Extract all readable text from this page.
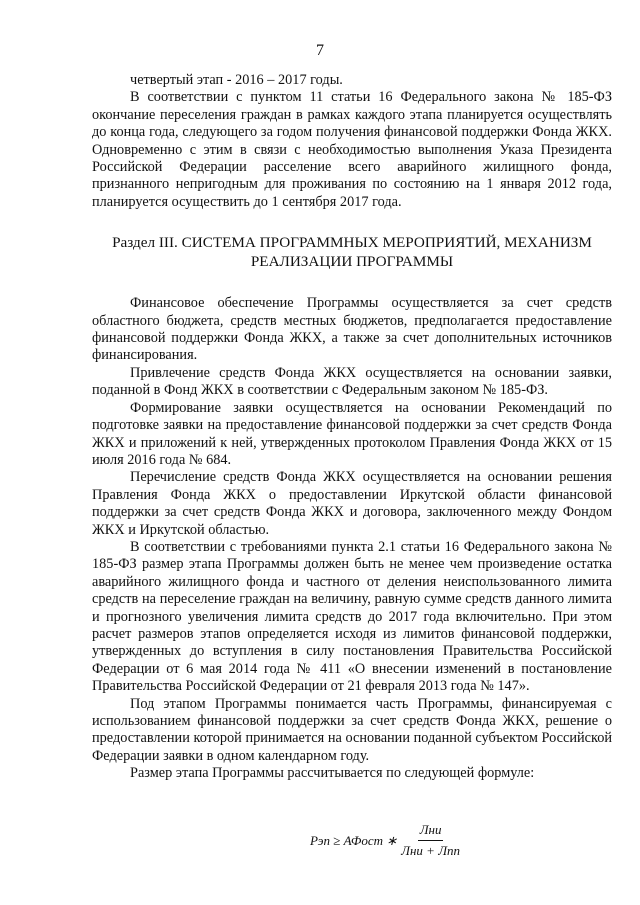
7

четвертый этап - 2016 – 2017 годы.

В соответствии с пунктом 11 статьи 16 Федерального закона № 185-ФЗ окончание переселения граждан в рамках каждого этапа планируется осуществлять до конца года, следующего за годом получения финансовой поддержки Фонда ЖКХ. Одновременно с этим в связи с необходимостью выполнения Указа Президента Российской Федерации расселение всего аварийного жилищного фонда, признанного непригодным для проживания по состоянию на 1 января 2012 года, планируется осуществить до 1 сентября 2017 года.

Раздел III. СИСТЕМА ПРОГРАММНЫХ МЕРОПРИЯТИЙ, МЕХАНИЗМ
РЕАЛИЗАЦИИ ПРОГРАММЫ

Финансовое обеспечение Программы осуществляется за счет средств областного бюджета, средств местных бюджетов, предполагается предоставление финансовой поддержки Фонда ЖКХ, а также за счет дополнительных источников финансирования.

Привлечение средств Фонда ЖКХ осуществляется на основании заявки, поданной в Фонд ЖКХ в соответствии с Федеральным законом № 185-ФЗ.

Формирование заявки осуществляется на основании Рекомендаций по подготовке заявки на предоставление финансовой поддержки за счет средств Фонда ЖКХ и приложений к ней, утвержденных протоколом Правления Фонда ЖКХ от 15 июля 2016 года № 684.

Перечисление средств Фонда ЖКХ осуществляется на основании решения Правления Фонда ЖКХ о предоставлении Иркутской области финансовой поддержки за счет средств Фонда ЖКХ и договора, заключенного между Фондом ЖКХ и Иркутской областью.

В соответствии с требованиями пункта 2.1 статьи 16 Федерального закона № 185-ФЗ размер этапа Программы должен быть не менее чем произведение остатка аварийного жилищного фонда и частного от деления неиспользованного лимита средств на переселение граждан на величину, равную сумме средств данного лимита и прогнозного увеличения лимита средств до 2017 года включительно. При этом расчет размеров этапов определяется исходя из лимитов финансовой поддержки, утвержденных до вступления в силу постановления Правительства Российской Федерации от 6 мая 2014 года № 411 «О внесении изменений в постановление Правительства Российской Федерации от 21 февраля 2013 года № 147».

Под этапом Программы понимается часть Программы, финансируемая с использованием финансовой поддержки за счет средств Фонда ЖКХ, решение о предоставлении которой принимается на основании поданной субъектом Российской Федерации заявки в одном календарном году.

Размер этапа Программы рассчитывается по следующей формуле:

Рэп ≥ АФост ∗ $\frac{\text{Лни}}{\text{Лни + Лпп}}$
